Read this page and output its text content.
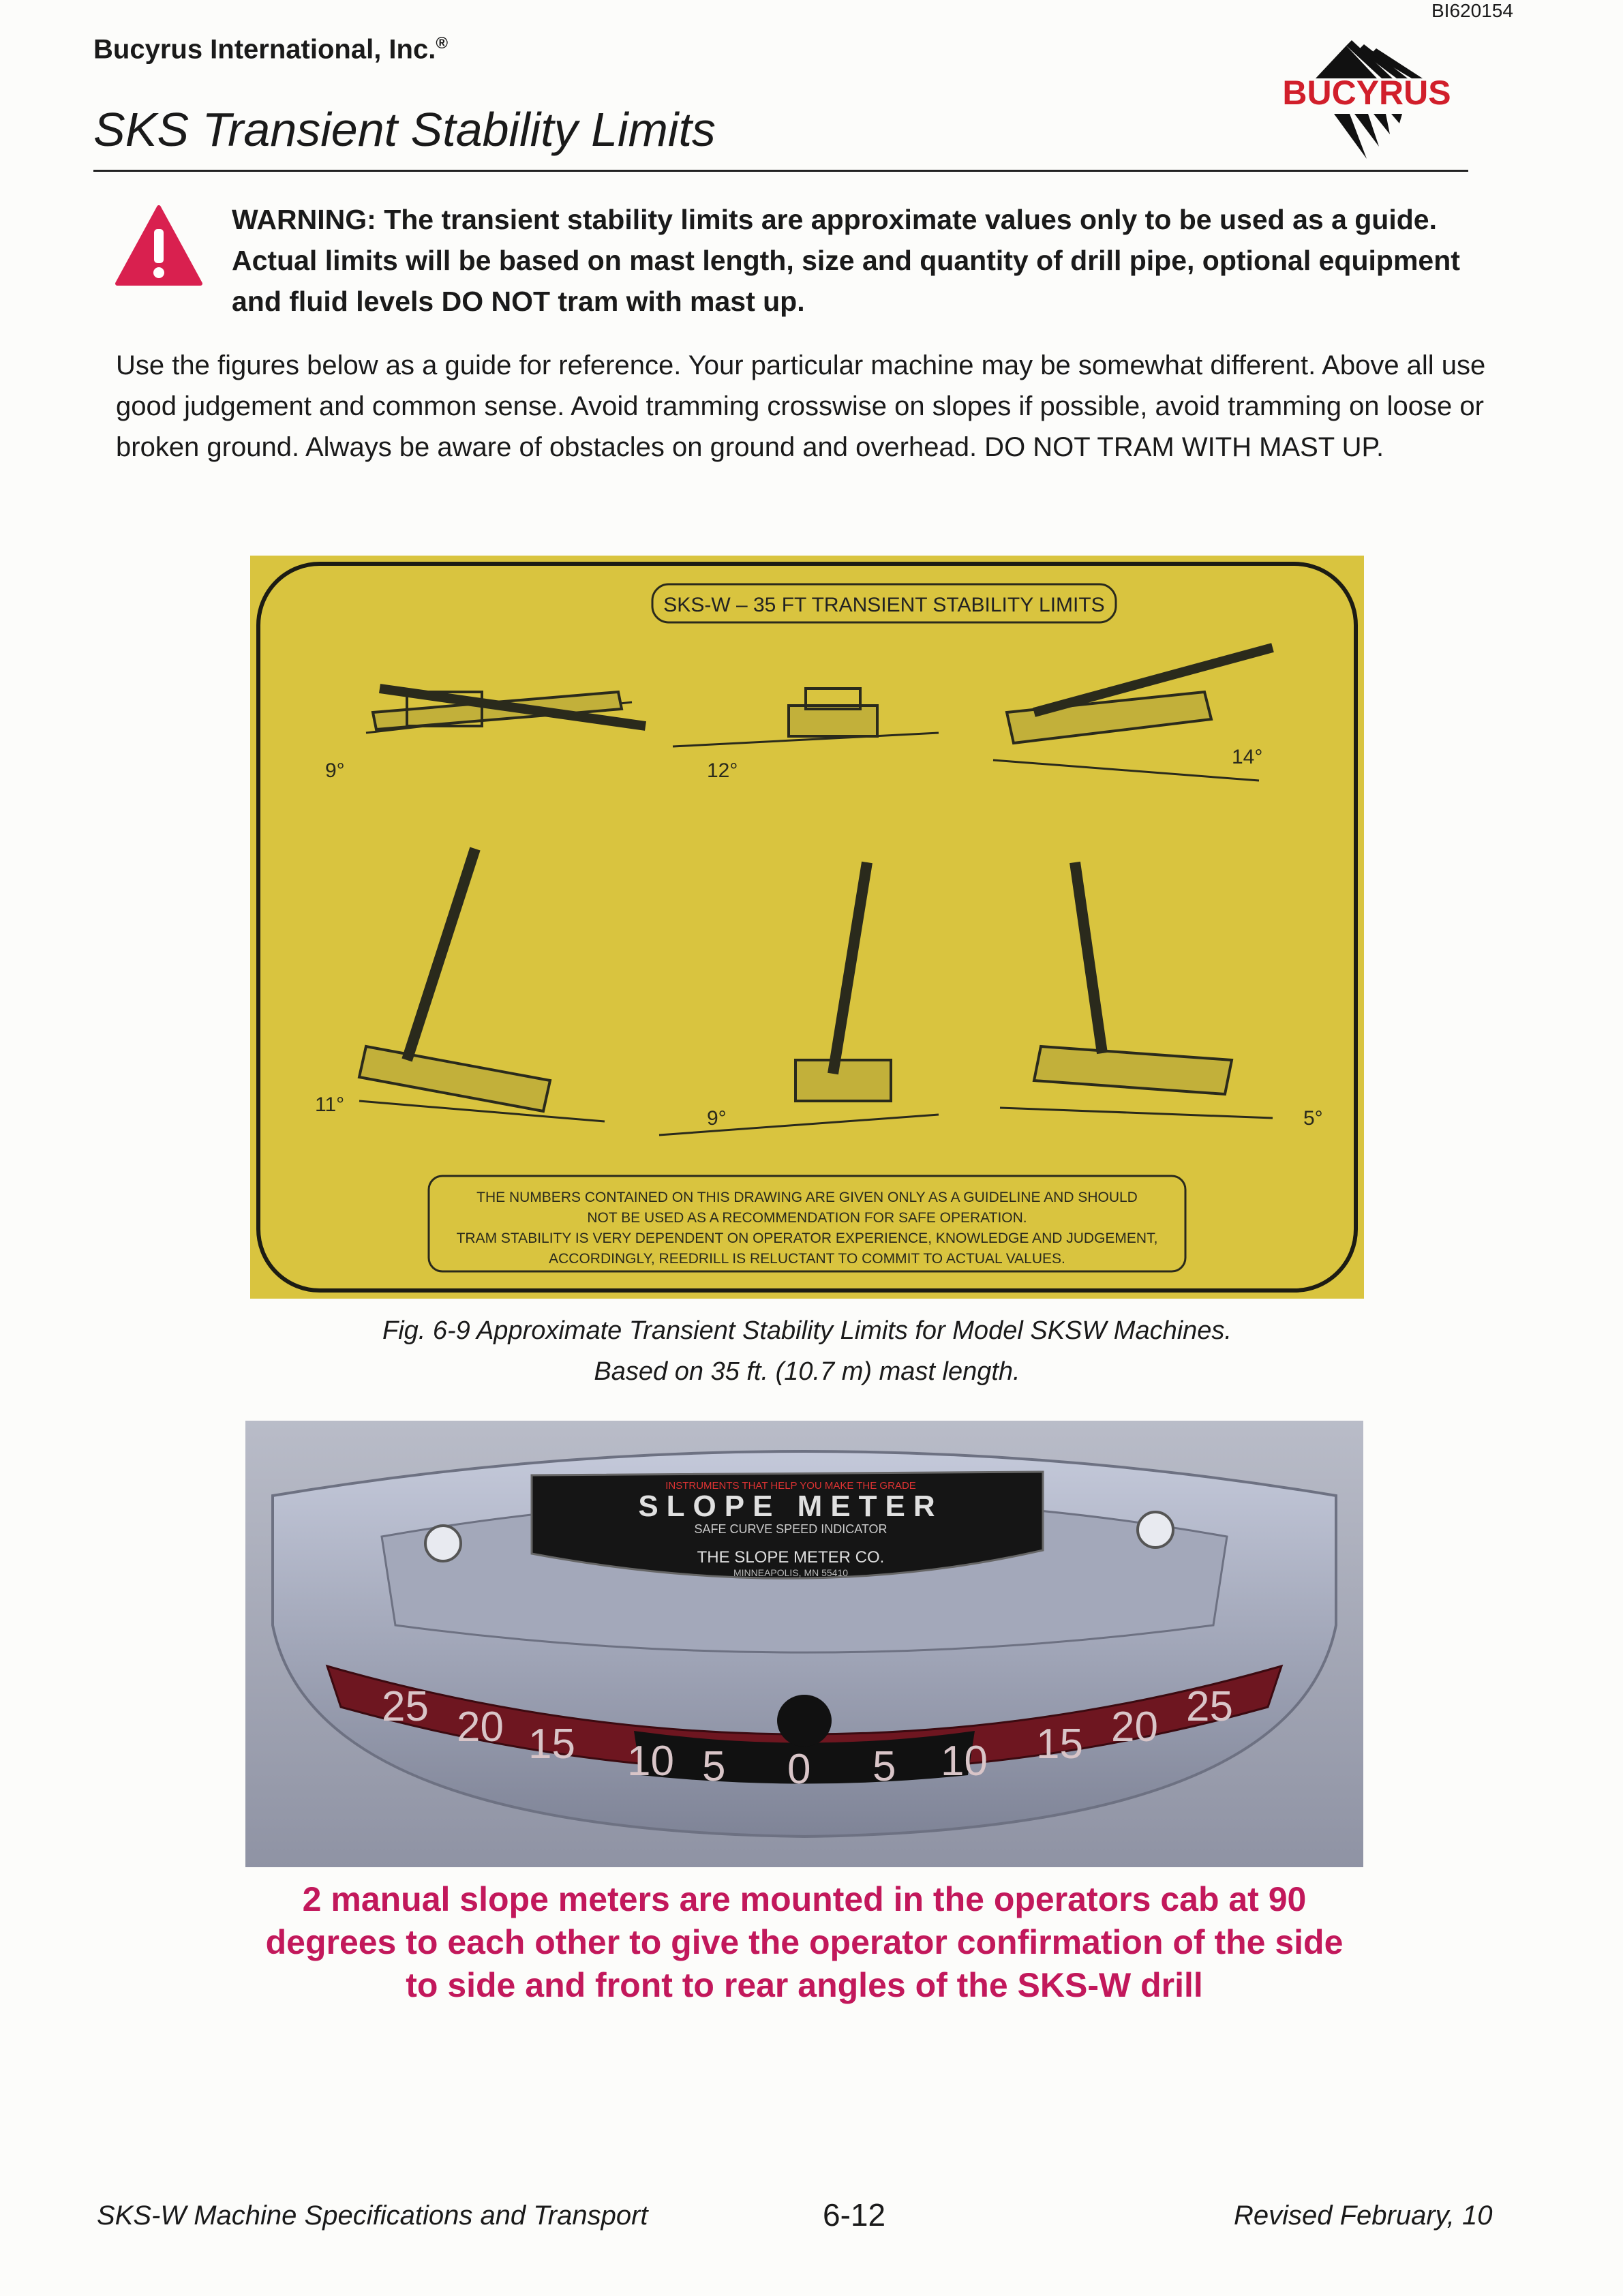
BI620154
Bucyrus International, Inc.®
SKS Transient Stability Limits
BUCYRUS
WARNING: The transient stability limits are approximate values only to be used as a guide. Actual limits will be based on mast length, size and quantity of drill pipe, optional equipment and fluid levels DO NOT tram with mast up.
Use the figures below as a guide for reference. Your particular machine may be somewhat different. Above all use good judgement and common sense. Avoid tramming crosswise on slopes if possible, avoid tramming on loose or broken ground. Always be aware of obstacles on ground and overhead. DO NOT TRAM WITH MAST UP.
SKS-W – 35 FT TRANSIENT STABILITY LIMITS
9°	12°
14°
11°
9°	5°
THE NUMBERS CONTAINED ON THIS DRAWING ARE GIVEN ONLY AS A GUIDELINE AND SHOULD
NOT BE USED AS A RECOMMENDATION FOR SAFE OPERATION.
TRAM STABILITY IS VERY DEPENDENT ON OPERATOR EXPERIENCE, KNOWLEDGE AND JUDGEMENT,
ACCORDINGLY, REEDRILL IS RELUCTANT TO COMMIT TO ACTUAL VALUES.
Fig. 6-9 Approximate Transient Stability Limits for Model SKSW Machines.
Based on 35 ft. (10.7 m) mast length.
INSTRUMENTS THAT HELP YOU MAKE THE GRADE
SLOPE METER
SAFE CURVE SPEED INDICATOR
THE SLOPE METER CO.
MINNEAPOLIS, MN 55410
25 20 15 10 5 0 5 10 15 20 25
2 manual slope meters are mounted in the operators cab at 90 degrees to each other to give the operator confirmation of the side to side and front to rear angles of the SKS-W drill
SKS-W Machine Specifications and Transport	6-12	Revised February, 10
